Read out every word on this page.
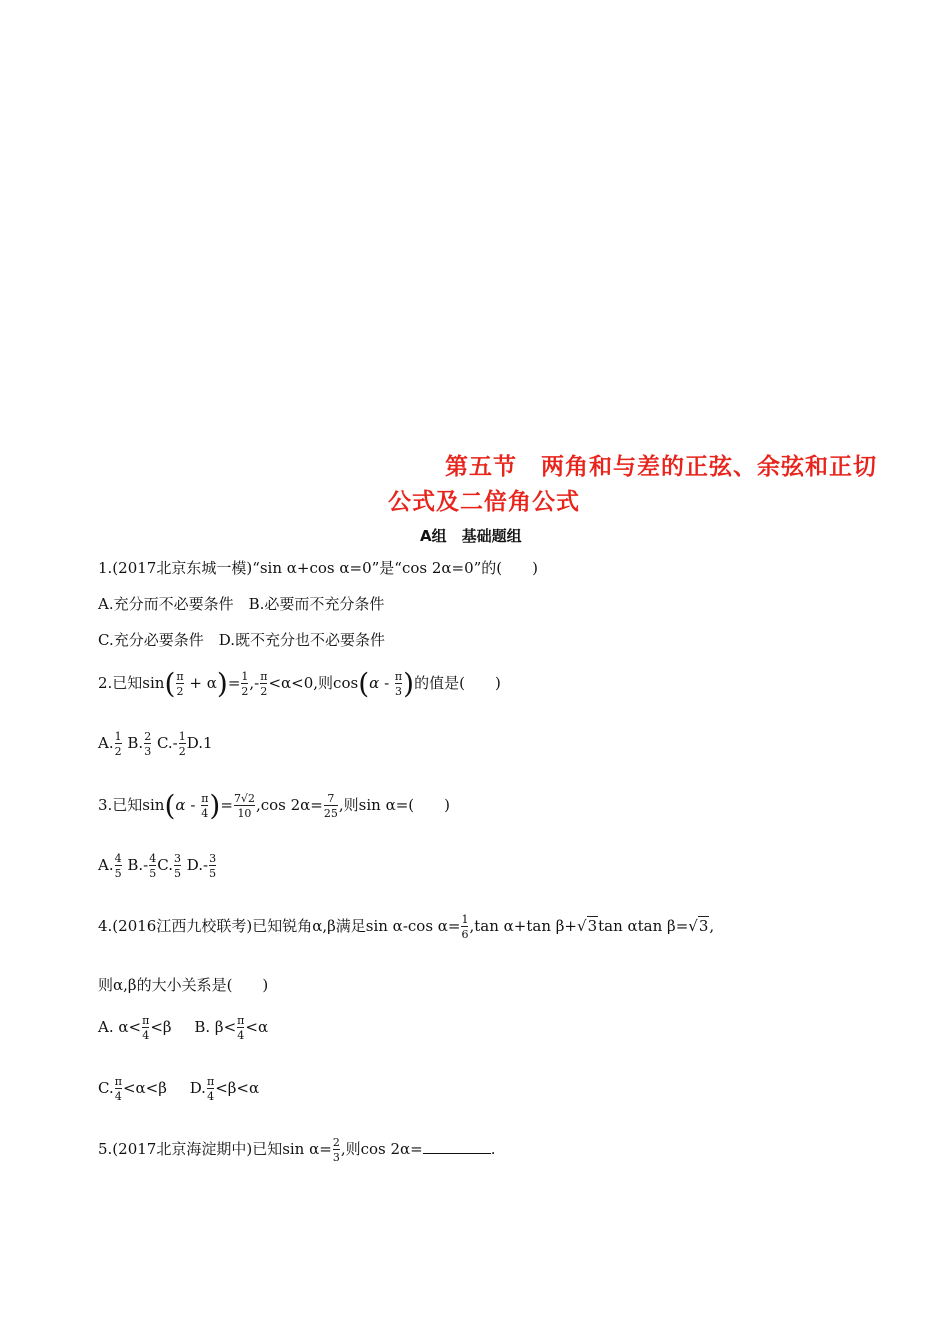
第五节　两角和与差的正弦、余弦和正切
公式及二倍角公式
A组　基础题组
1.(2017北京东城一模)“sin α+cos α=0”是“cos 2α=0”的(　　)
A.充分而不必要条件　B.必要而不充分条件
C.充分必要条件　D.既不充分也不必要条件
2.已知$\sin( \frac{\pi}{2} + \alpha)= \frac{1}{2}$ ,- $\frac{\pi}{2} <\alpha<0$,则$\cos(\alpha - \frac{\pi}{3}$ )的值是(　　)
A. $\frac{1}{2} B$. $\frac{2}{3} C.- \frac{1}{2} D.1$
3.已知$\sin(\alpha - \frac{\pi}{4}$ )= $\frac{7√2}{10} ,\cos$ $2\alpha= \frac{7}{25}$ ,则sin α=(　　)
A. $\frac{4}{5} B.- \frac{4}{5} C$. $\frac{3}{5} D.- \frac{3}{5}$
4.(2016江西九校联考)已知锐角α,β满足sin α-cos $\alpha= \frac{1}{6} ,\tan$ α+tan β+√3tan αtan β=√3,
则α,β的大小关系是(　　)
A. $\alpha< \frac{\pi}{4} <\beta$ B. $\beta< \frac{\pi}{4} <\alpha$
C. $\frac{\pi}{4} <\alpha<\beta$ D. $\frac{\pi}{4} <\beta<\alpha$
5.(2017北京海淀期中)已知$\sin \alpha= \frac{2}{3}$ ,则cos 2α=	.
